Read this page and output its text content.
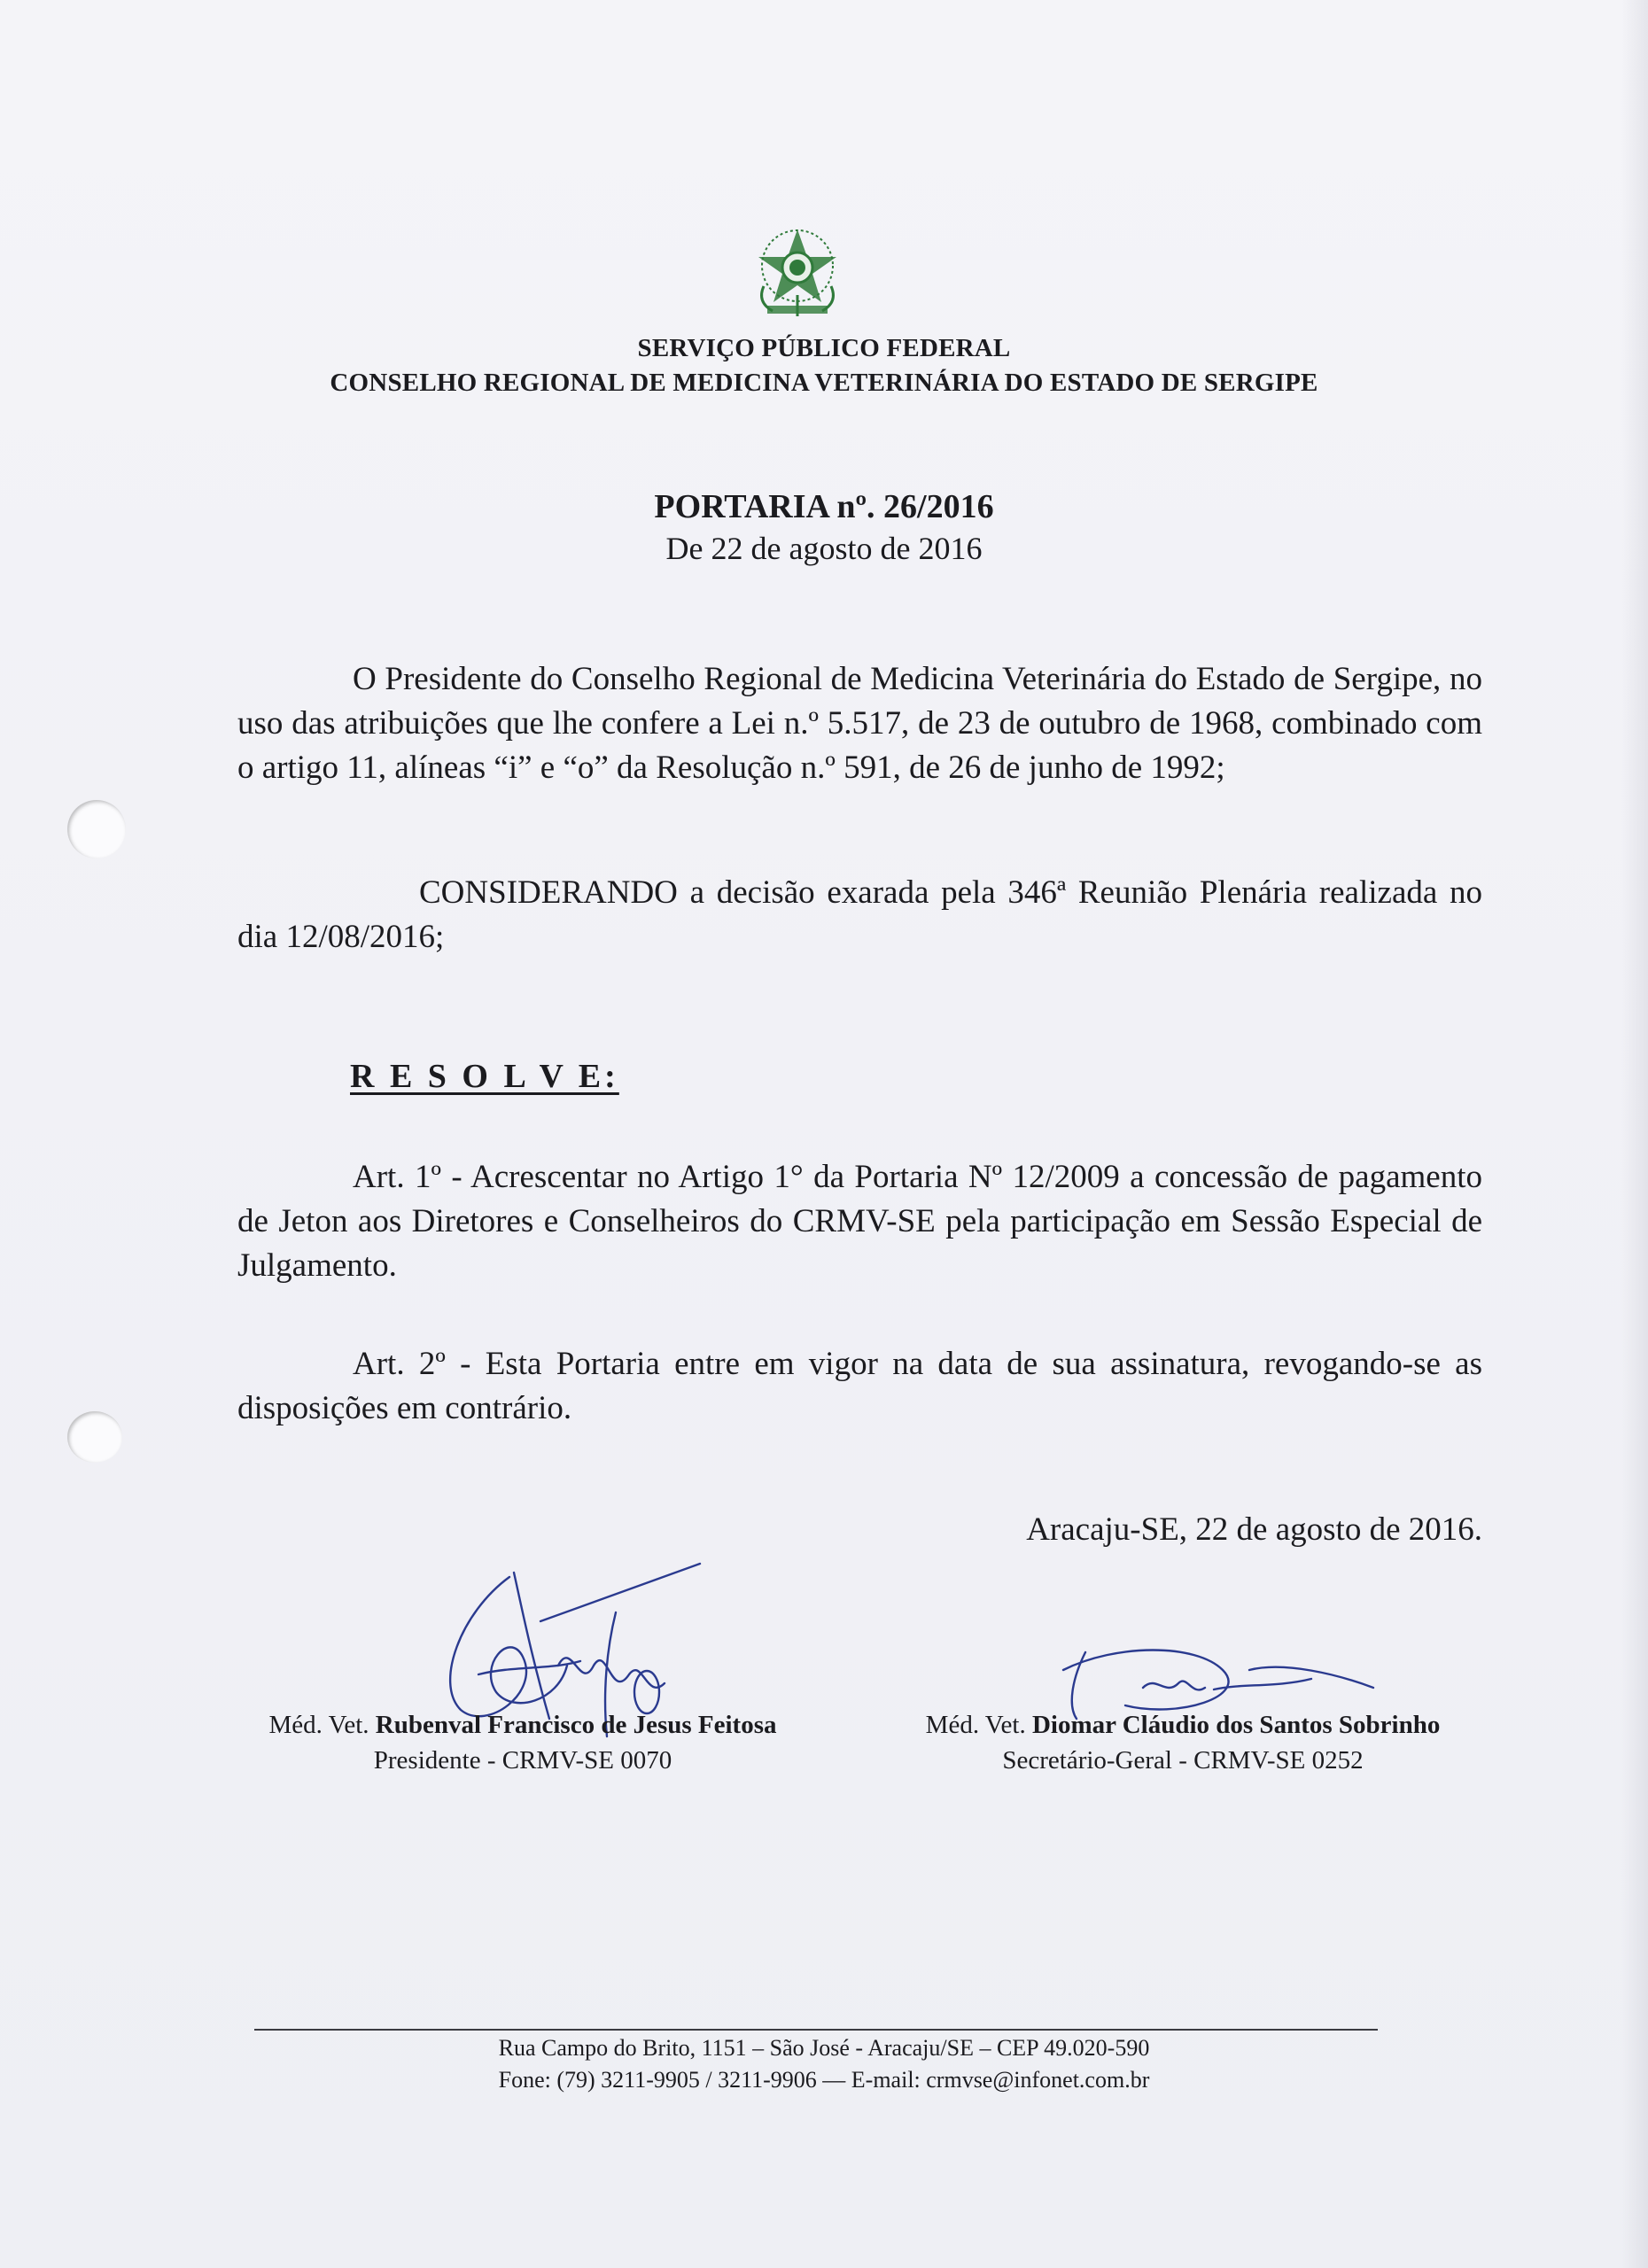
SERVIÇO PÚBLICO FEDERAL
CONSELHO REGIONAL DE MEDICINA VETERINÁRIA DO ESTADO DE SERGIPE
PORTARIA nº. 26/2016
De 22 de agosto de 2016
O Presidente do Conselho Regional de Medicina Veterinária do Estado de Sergipe, no uso das atribuições que lhe confere a Lei n.º 5.517, de 23 de outubro de 1968, combinado com o artigo 11, alíneas “i” e “o” da Resolução n.º 591, de 26 de junho de 1992;
CONSIDERANDO a decisão exarada pela 346ª Reunião Plenária realizada no dia 12/08/2016;
R E S O L V E:
Art. 1º - Acrescentar no Artigo 1° da Portaria Nº 12/2009 a concessão de pagamento de Jeton aos Diretores e Conselheiros do CRMV-SE pela participação em Sessão Especial de Julgamento.
Art. 2º - Esta Portaria entre em vigor na data de sua assinatura, revogando-se as disposições em contrário.
Aracaju-SE, 22 de agosto de 2016.
Méd. Vet. Rubenval Francisco de Jesus Feitosa
Presidente - CRMV-SE 0070
Méd. Vet. Diomar Cláudio dos Santos Sobrinho
Secretário-Geral - CRMV-SE 0252
Rua Campo do Brito, 1151 – São José - Aracaju/SE – CEP 49.020-590
Fone: (79) 3211-9905 / 3211-9906 — E-mail: crmvse@infonet.com.br
